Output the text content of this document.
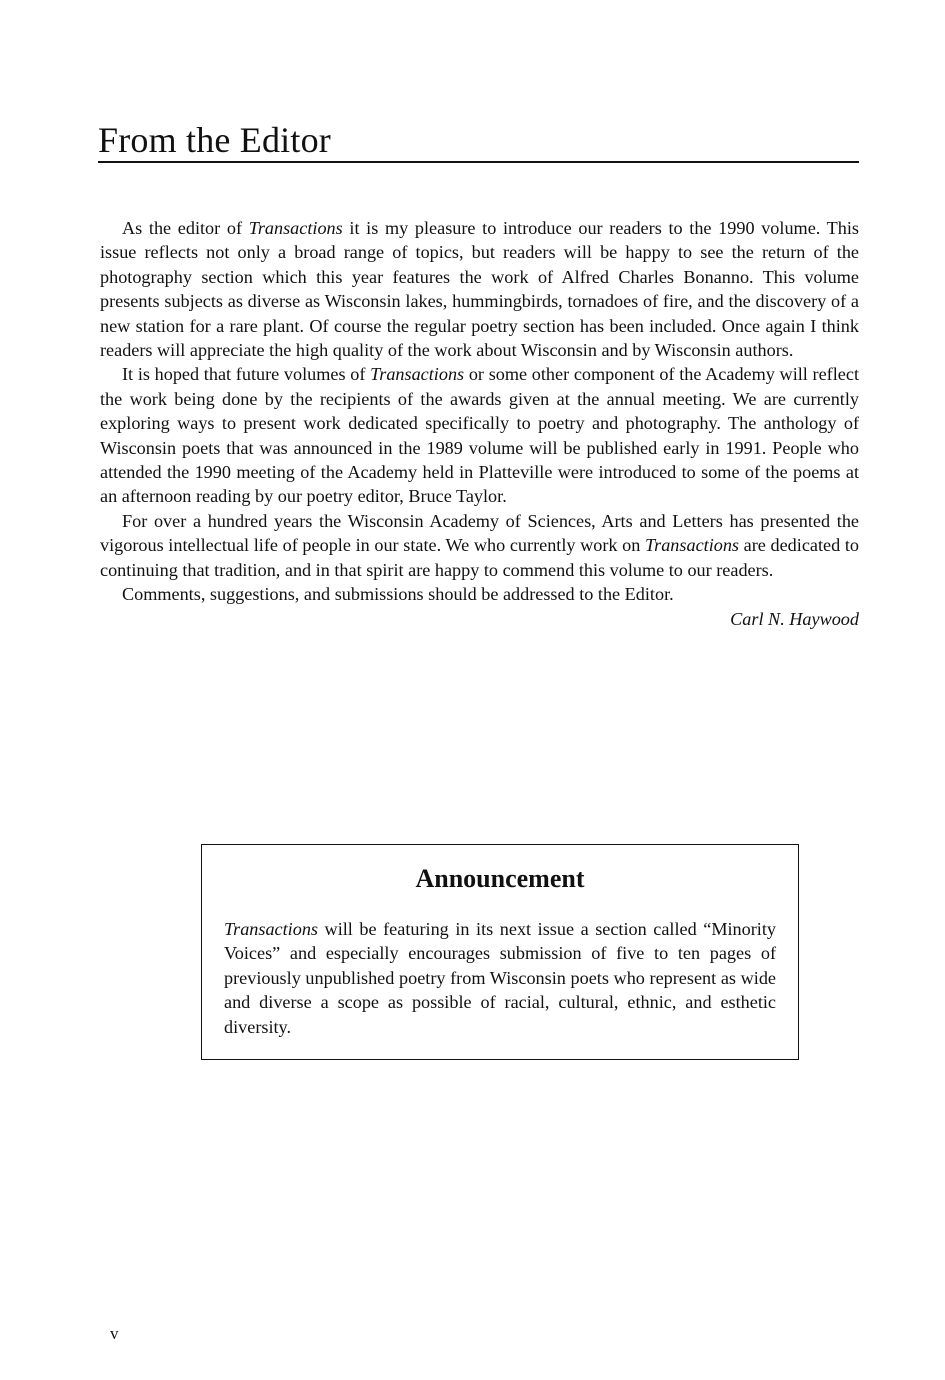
From the Editor

As the editor of Transactions it is my pleasure to introduce our readers to the 1990 volume. This issue reflects not only a broad range of topics, but readers will be happy to see the return of the photography section which this year features the work of Alfred Charles Bonanno. This volume presents subjects as diverse as Wisconsin lakes, hummingbirds, tornadoes of fire, and the discovery of a new station for a rare plant. Of course the regular poetry section has been included. Once again I think readers will appreciate the high quality of the work about Wisconsin and by Wisconsin authors.

It is hoped that future volumes of Transactions or some other component of the Academy will reflect the work being done by the recipients of the awards given at the annual meeting. We are currently exploring ways to present work dedicated specifically to poetry and photography. The anthology of Wisconsin poets that was announced in the 1989 volume will be published early in 1991. People who attended the 1990 meeting of the Academy held in Platteville were introduced to some of the poems at an afternoon reading by our poetry editor, Bruce Taylor.

For over a hundred years the Wisconsin Academy of Sciences, Arts and Letters has presented the vigorous intellectual life of people in our state. We who currently work on Transactions are dedicated to continuing that tradition, and in that spirit are happy to commend this volume to our readers.

Comments, suggestions, and submissions should be addressed to the Editor.

Carl N. Haywood

Announcement

Transactions will be featuring in its next issue a section called “Minority Voices” and especially encourages submission of five to ten pages of previously unpublished poetry from Wisconsin poets who represent as wide and diverse a scope as possible of racial, cultural, ethnic, and esthetic diversity.

v
